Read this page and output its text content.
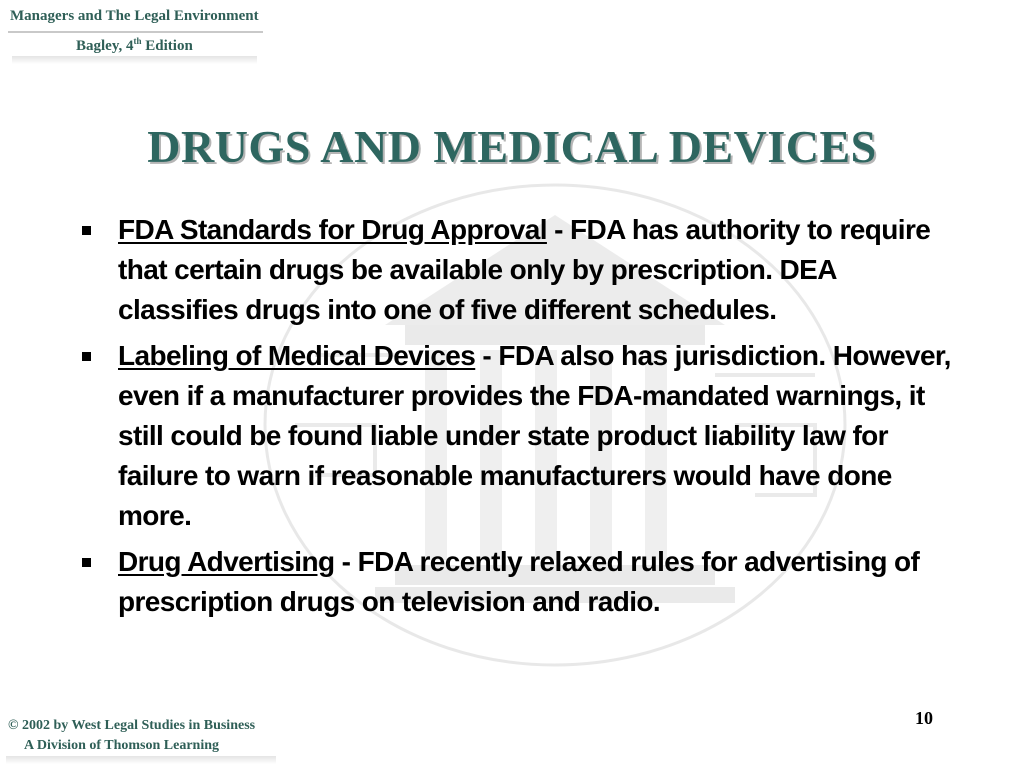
Managers and The Legal Environment
Bagley, 4th Edition
DRUGS AND MEDICAL DEVICES
FDA Standards for Drug Approval - FDA has authority to require that certain drugs be available only by prescription. DEA classifies drugs into one of five different schedules.
Labeling of Medical Devices - FDA also has jurisdiction. However, even if a manufacturer provides the FDA-mandated warnings, it still could be found liable under state product liability law for failure to warn if reasonable manufacturers would have done more.
Drug Advertising - FDA recently relaxed rules for advertising of prescription drugs on television and radio.
10
© 2002 by West Legal Studies in Business
A Division of Thomson Learning
